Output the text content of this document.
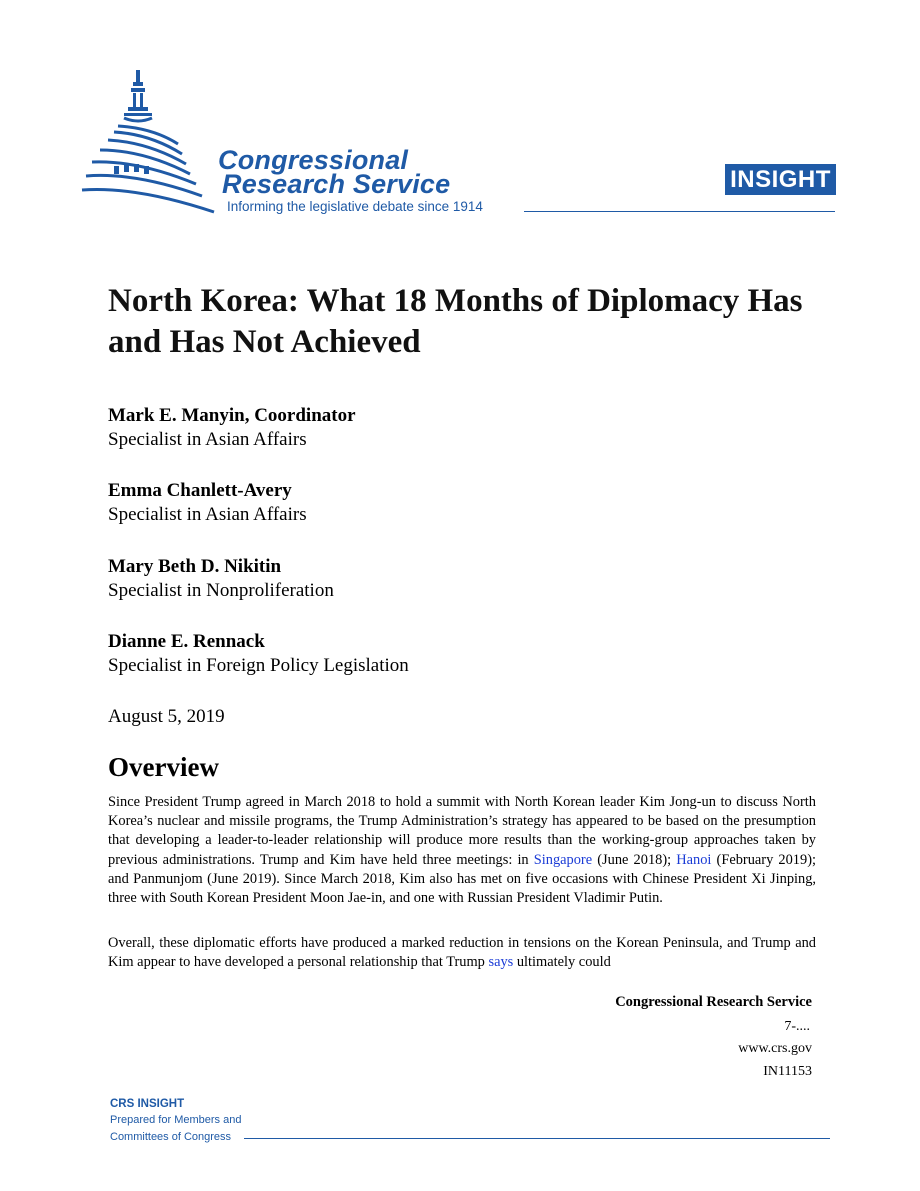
Congressional
Research Service
Informing the legislative debate since 1914
INSIGHT
North Korea: What 18 Months of Diplomacy Has and Has Not Achieved
Mark E. Manyin, Coordinator
Specialist in Asian Affairs
Emma Chanlett-Avery
Specialist in Asian Affairs
Mary Beth D. Nikitin
Specialist in Nonproliferation
Dianne E. Rennack
Specialist in Foreign Policy Legislation
August 5, 2019
Overview

Since President Trump agreed in March 2018 to hold a summit with North Korean leader Kim Jong-un to discuss North Korea’s nuclear and missile programs, the Trump Administration’s strategy has appeared to be based on the presumption that developing a leader-to-leader relationship will produce more results than the working-group approaches taken by previous administrations. Trump and Kim have held three meetings: in Singapore (June 2018); Hanoi (February 2019); and Panmunjom (June 2019). Since March 2018, Kim also has met on five occasions with Chinese President Xi Jinping, three with South Korean President Moon Jae-in, and one with Russian President Vladimir Putin.

Overall, these diplomatic efforts have produced a marked reduction in tensions on the Korean Peninsula, and Trump and Kim appear to have developed a personal relationship that Trump says ultimately could

Congressional Research Service
7-....
www.crs.gov
IN11153
CRS INSIGHT
Prepared for Members and
Committees of Congress
